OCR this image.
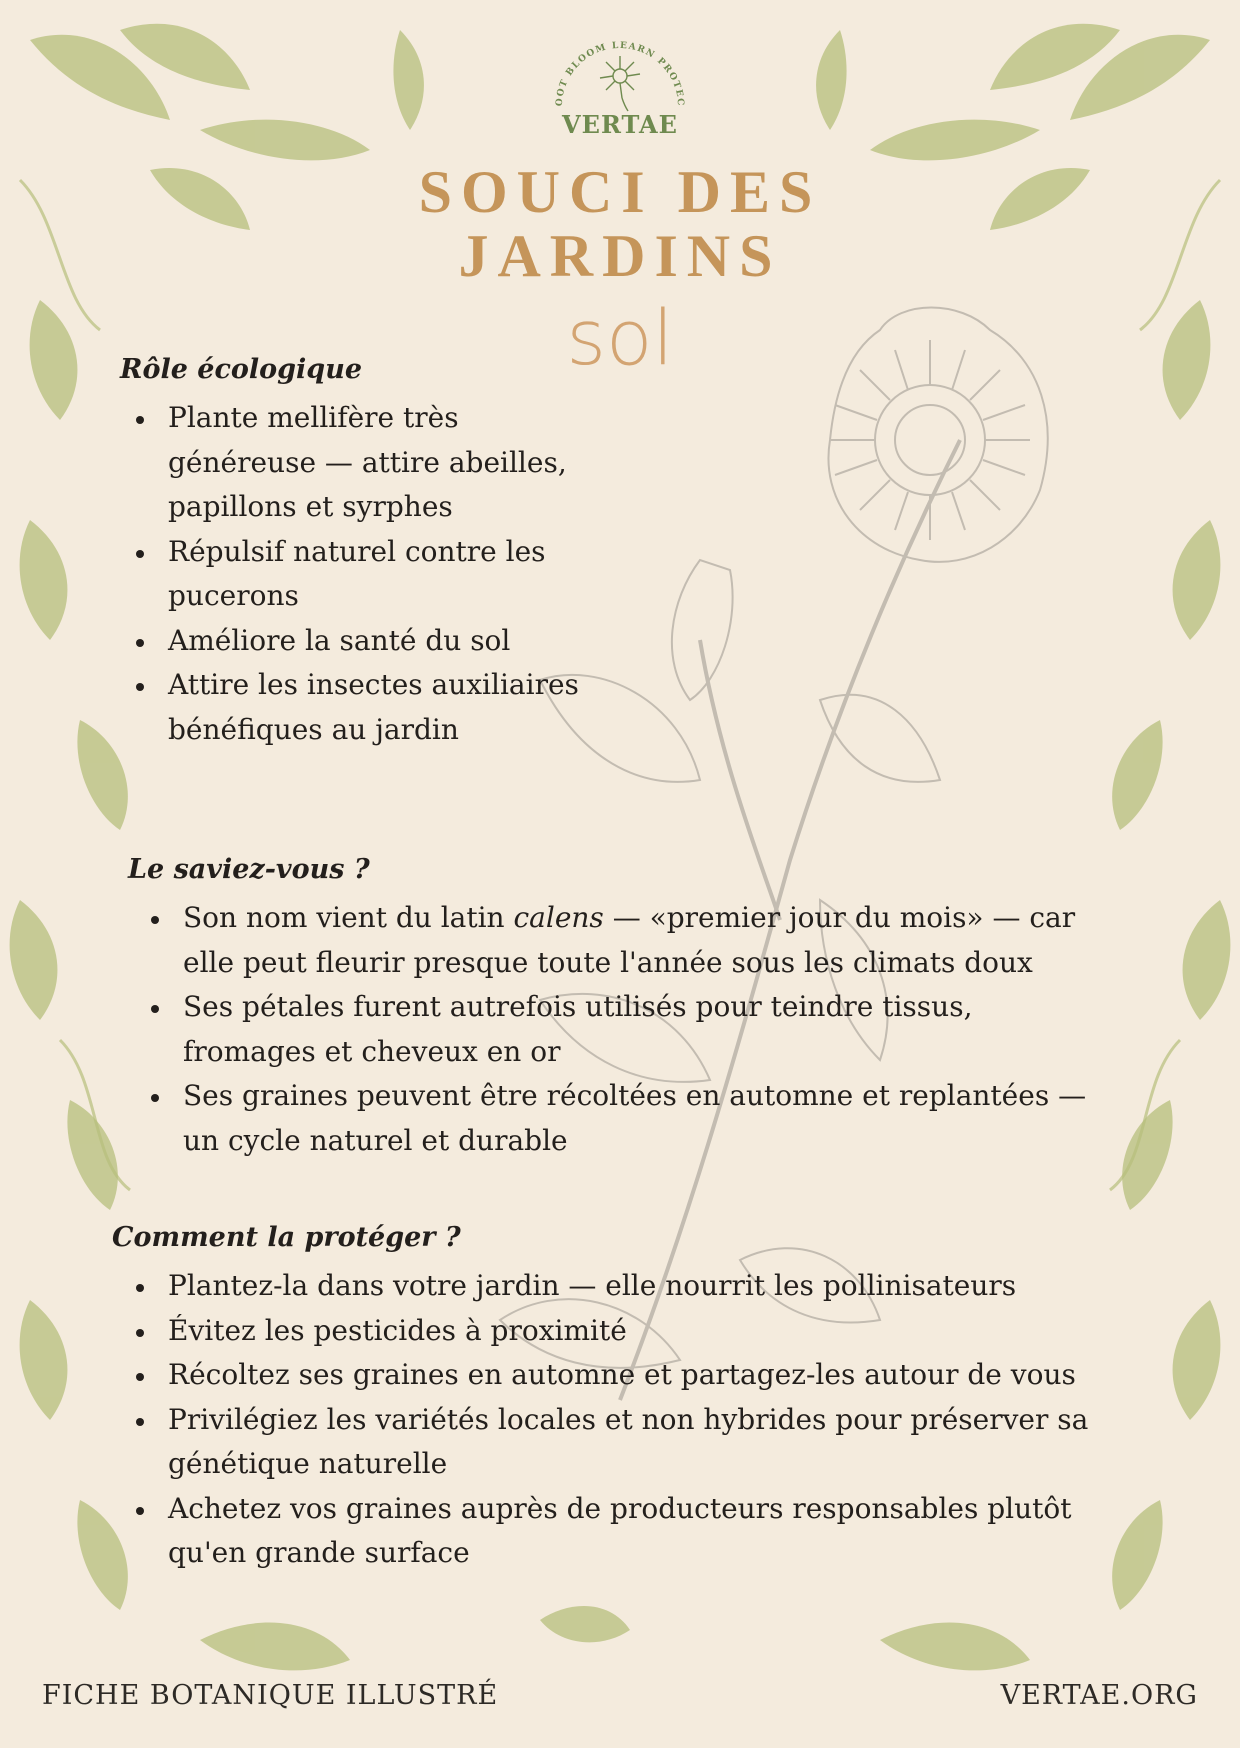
OOT BLOOM LEARN PROTEC
VERTAE
SOUCI DES JARDINS
sol
Rôle écologique
Plante mellifère très généreuse — attire abeilles, papillons et syrphes
Répulsif naturel contre les pucerons
Améliore la santé du sol
Attire les insectes auxiliaires bénéfiques au jardin
Le saviez-vous ?
Son nom vient du latin calens — «premier jour du mois» — car elle peut fleurir presque toute l'année sous les climats doux
Ses pétales furent autrefois utilisés pour teindre tissus, fromages et cheveux en or
Ses graines peuvent être récoltées en automne et replantées — un cycle naturel et durable
Comment la protéger ?
Plantez-la dans votre jardin — elle nourrit les pollinisateurs
Évitez les pesticides à proximité
Récoltez ses graines en automne et partagez-les autour de vous
Privilégiez les variétés locales et non hybrides pour préserver sa génétique naturelle
Achetez vos graines auprès de producteurs responsables plutôt qu'en grande surface
FICHE BOTANIQUE ILLUSTRÉ	VERTAE.ORG
